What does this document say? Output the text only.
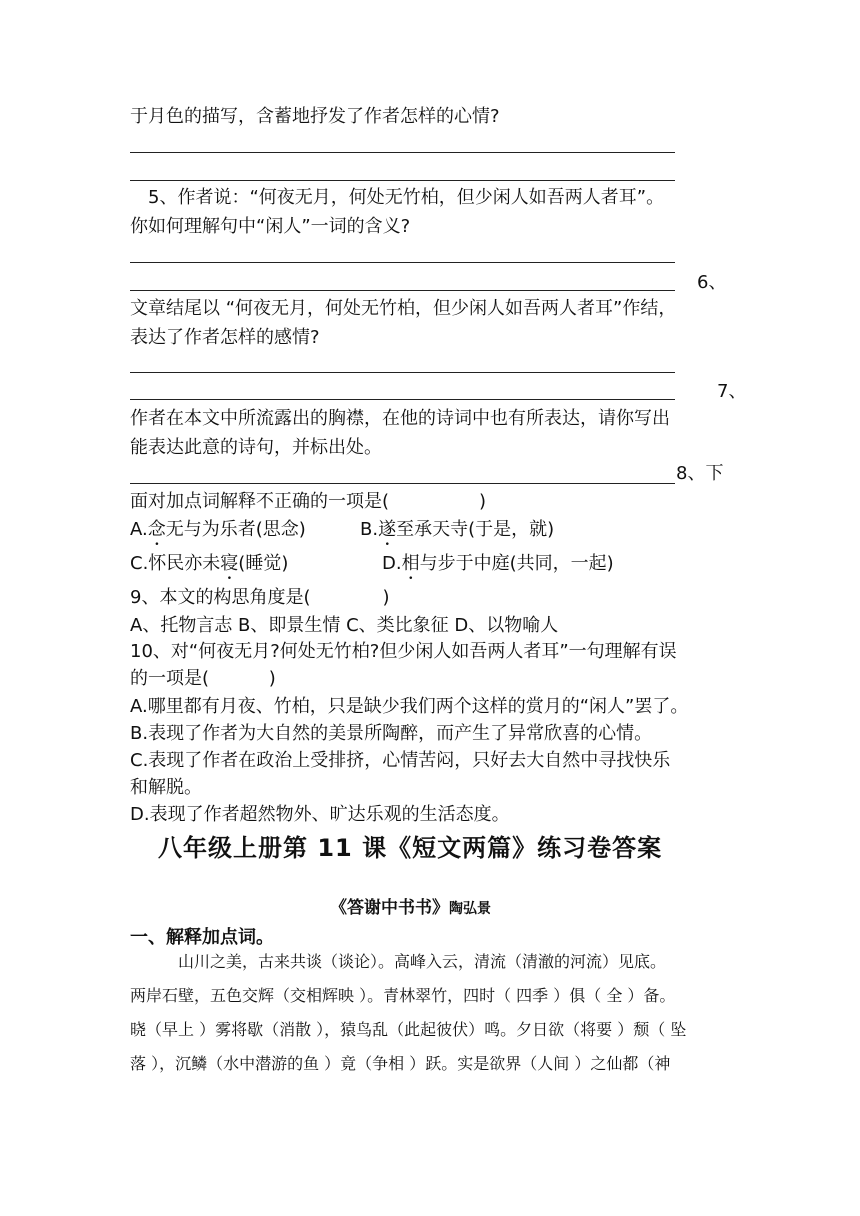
于月色的描写，含蓄地抒发了作者怎样的心情?
　5、作者说：“何夜无月，何处无竹柏，但少闲人如吾两人者耳”。
你如何理解句中“闲人”一词的含义?
6、
文章结尾以 “何夜无月，何处无竹柏，但少闲人如吾两人者耳”作结，
表达了作者怎样的感情?
7、
作者在本文中所流露出的胸襟，在他的诗词中也有所表达，请你写出
能表达此意的诗句，并标出处。
8、下
面对加点词解释不正确的一项是(　　　　　)
A.念无与为乐者(思念)	B.遂至承天寺(于是，就)
C.怀民亦未寝(睡觉)	D.相与步于中庭(共同，一起)
9、本文的构思角度是(　　　　)
A、托物言志 B、即景生情 C、类比象征 D、以物喻人
10、对“何夜无月?何处无竹柏?但少闲人如吾两人者耳”一句理解有误
的一项是(　　　 )
A.哪里都有月夜、竹柏，只是缺少我们两个这样的赏月的“闲人”罢了。
B.表现了作者为大自然的美景所陶醉，而产生了异常欣喜的心情。
C.表现了作者在政治上受排挤，心情苦闷，只好去大自然中寻找快乐
和解脱。
D.表现了作者超然物外、旷达乐观的生活态度。
八年级上册第 11 课《短文两篇》练习卷答案
《答谢中书书》陶弘景
一、解释加点词。
　　　山川之美，古来共谈（谈论）。高峰入云，清流（清澈的河流）见底。
两岸石壁，五色交辉（交相辉映 ）。青林翠竹，四时（ 四季 ）俱（ 全 ）备。
晓（早上 ）雾将歇（消散 ），猿鸟乱（此起彼伏）鸣。夕日欲（将要 ）颓（ 坠
落 ），沉鳞（水中潜游的鱼 ）竟（争相 ）跃。实是欲界（人间 ）之仙都（神
